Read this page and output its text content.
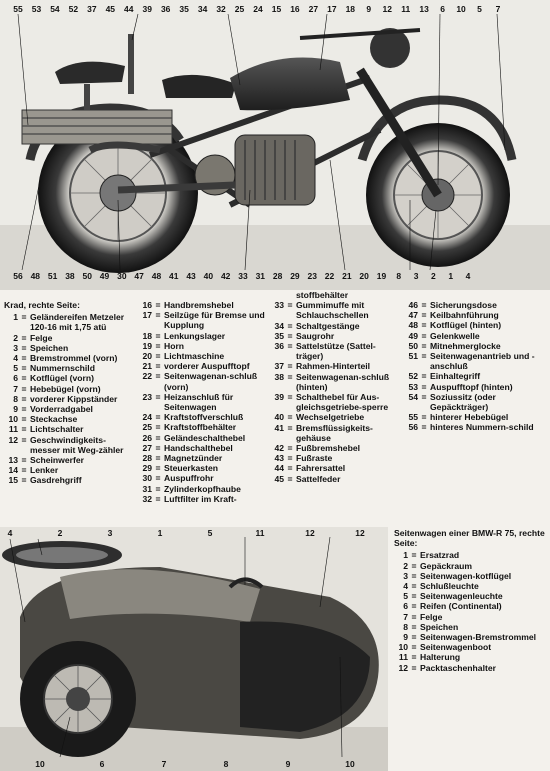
55 53 54 52 37 45 44 39 36 35 34 32 25 24 15 16 27 17 18 9 12 11 13 6 10 5 7
56 48 51 38 50 49 30 47 48 41 43 40 42 33 31 28 29 23 22 21 20 19 8 3 2 1 4
Krad, rechte Seite:
1 = Geländereifen Metzeler 120-16 mit 1,75 atü
2 = Felge
3 = Speichen
4 = Bremstrommel (vorn)
5 = Nummernschild
6 = Kotflügel (vorn)
7 = Hebebügel (vorn)
8 = vorderer Kippständer
9 = Vorderradgabel
10 = Steckachse
11 = Lichtschalter
12 = Geschwindigkeits-messer mit Weg-zähler
13 = Scheinwerfer
14 = Lenker
15 = Gasdrehgriff
16 = Handbremshebel
17 = Seilzüge für Bremse und Kupplung
18 = Lenkungslager
19 = Horn
20 = Lichtmaschine
21 = vorderer Auspufftopf
22 = Seitenwagenan-schluß (vorn)
23 = Heizanschluß für Seitenwagen
24 = Kraftstoffverschluß
25 = Kraftstoffbehälter
26 = Geländeschalthebel
27 = Handschalthebel
28 = Magnetzünder
29 = Steuerkasten
30 = Auspuffrohr
31 = Zylinderkopfhaube
32 = Luftfilter im Kraft-
stoffbehälter
33 = Gummimuffe mit Schlauchschellen
34 = Schaltgestänge
35 = Saugrohr
36 = Sattelstütze (Sattel-träger)
37 = Rahmen-Hinterteil
38 = Seitenwagenan-schluß (hinten)
39 = Schalthebel für Aus-gleichsgetriebe-sperre
40 = Wechselgetriebe
41 = Bremsflüssigkeits-gehäuse
42 = Fußbremshebel
43 = Fußraste
44 = Fahrersattel
45 = Sattelfeder
46 = Sicherungsdose
47 = Keilbahnführung
48 = Kotflügel (hinten)
49 = Gelenkwelle
50 = Mitnehmerglocke
51 = Seitenwagenantrieb und -anschluß
52 = Einhaltegriff
53 = Auspufftopf (hinten)
54 = Soziussitz (oder Gepäckträger)
55 = hinterer Hebebügel
56 = hinteres Nummern-schild
4	2	3	1	5	11	12	12
10	6	7	8	9	10
Seitenwagen einer BMW-R 75, rechte Seite:
1 = Ersatzrad
2 = Gepäckraum
3 = Seitenwagen-kotflügel
4 = Schlußleuchte
5 = Seitenwagenleuchte
6 = Reifen (Continental)
7 = Felge
8 = Speichen
9 = Seitenwagen-Bremstrommel
10 = Seitenwagenboot
11 = Halterung
12 = Packtaschenhalter
